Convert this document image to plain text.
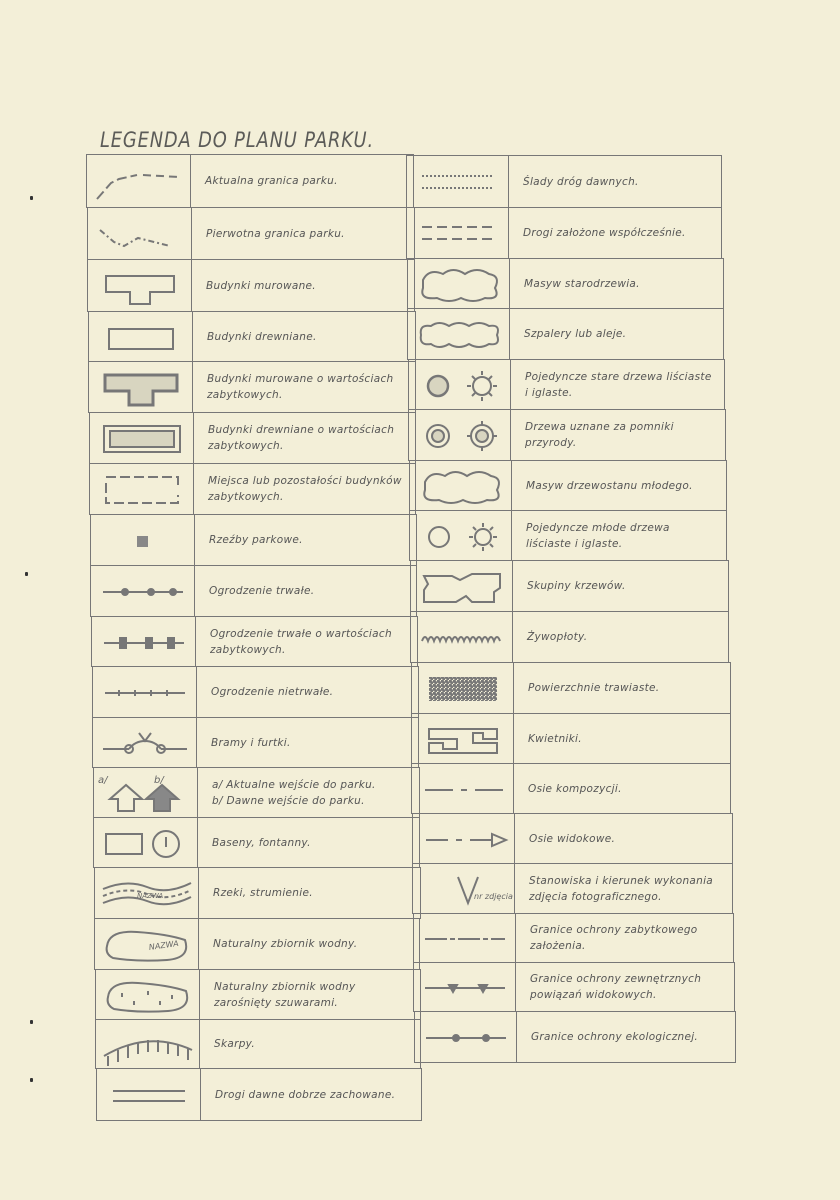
LEGENDA DO PLANU PARKU.
Aktualna granica parku.
Pierwotna granica parku.
Budynki murowane.
Budynki drewniane.
Budynki murowane o wartościach zabytkowych.
Budynki drewniane o wartościach zabytkowych.
Miejsca lub pozostałości budynków zabytkowych.
Rzeźby parkowe.
Ogrodzenie trwałe.
Ogrodzenie trwałe o wartościach zabytkowych.
Ogrodzenie nietrwałe.
Bramy i furtki.
a/	b/	a/ Aktualne wejście do parku.
b/ Dawne wejście do parku.
Baseny, fontanny.
NAZWA	Rzeki, strumienie.
NAZWA	Naturalny zbiornik wodny.
Naturalny zbiornik wodny zarośnięty szuwarami.
Skarpy.
Drogi dawne dobrze zachowane.
Ślady dróg dawnych.
Drogi założone współcześnie.
Masyw starodrzewia.
Szpalery lub aleje.
Pojedyncze stare drzewa liściaste i iglaste.
Drzewa uznane za pomniki przyrody.
Masyw drzewostanu młodego.
Pojedyncze młode drzewa liściaste i iglaste.
Skupiny krzewów.
Żywopłoty.
Powierzchnie trawiaste.
Kwietniki.
Osie kompozycji.
Osie widokowe.
nr zdjęcia
Stanowiska i kierunek wykonania zdjęcia fotograficznego.
Granice ochrony zabytkowego założenia.
Granice ochrony zewnętrznych powiązań widokowych.
Granice ochrony ekologicznej.
